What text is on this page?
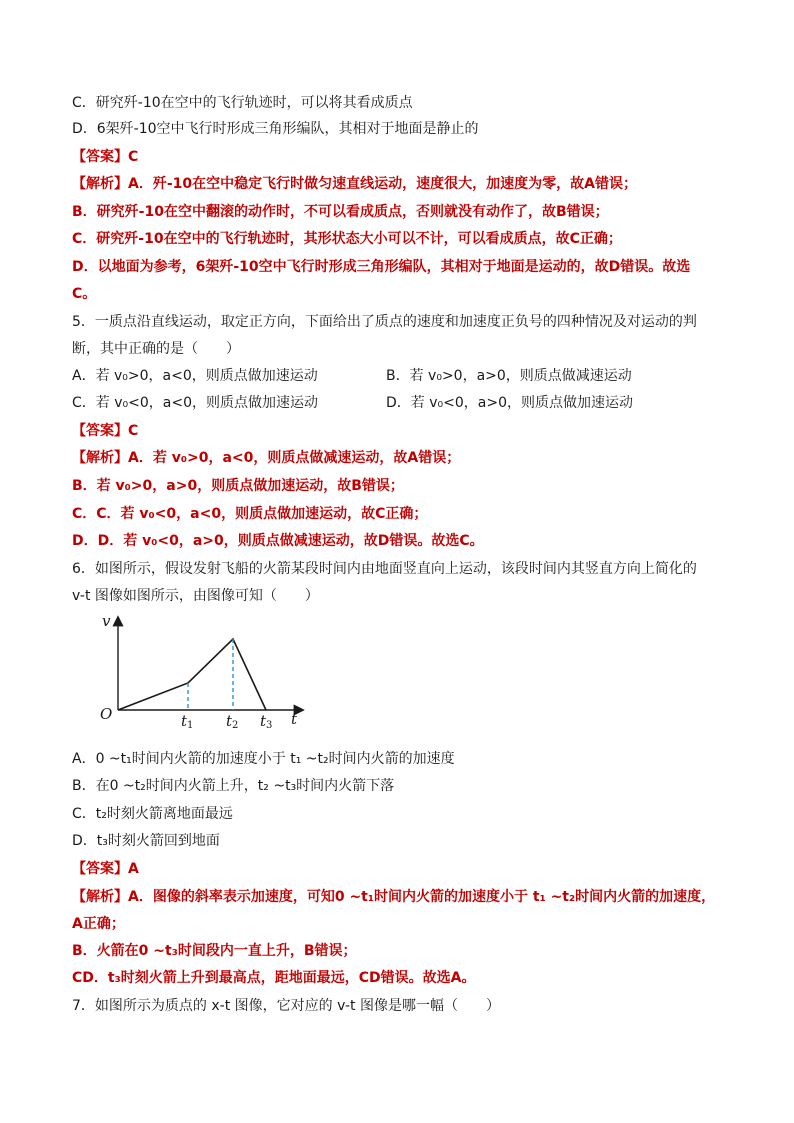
C．研究歼-10在空中的飞行轨迹时，可以将其看成质点
D．6架歼-10空中飞行时形成三角形编队，其相对于地面是静止的
【答案】C
【解析】A．歼-10在空中稳定飞行时做匀速直线运动，速度很大，加速度为零，故A错误；
B．研究歼-10在空中翻滚的动作时，不可以看成质点，否则就没有动作了，故B错误；
C．研究歼-10在空中的飞行轨迹时，其形状态大小可以不计，可以看成质点，故C正确；
D．以地面为参考，6架歼-10空中飞行时形成三角形编队，其相对于地面是运动的，故D错误。故选
C。
5．一质点沿直线运动，取定正方向，下面给出了质点的速度和加速度正负号的四种情况及对运动的判
断，其中正确的是（　　）
A．若 v₀>0，a<0，则质点做加速运动	B．若 v₀>0，a>0，则质点做减速运动
C．若 v₀<0，a<0，则质点做加速运动	D．若 v₀<0，a>0，则质点做加速运动
【答案】C
【解析】A．若 v₀>0，a<0，则质点做减速运动，故A错误；
B．若 v₀>0，a>0，则质点做加速运动，故B错误；
C．C．若 v₀<0，a<0，则质点做加速运动，故C正确；
D．D．若 v₀<0，a>0，则质点做减速运动，故D错误。故选C。
6．如图所示，假设发射飞船的火箭某段时间内由地面竖直向上运动，该段时间内其竖直方向上简化的
v-t 图像如图所示，由图像可知（　　）
v
O	t
t 1 t 2 t 3
A．0 ~t₁时间内火箭的加速度小于 t₁ ~t₂时间内火箭的加速度
B．在0 ~t₂时间内火箭上升，t₂ ~t₃时间内火箭下落
C．t₂时刻火箭离地面最远
D．t₃时刻火箭回到地面
【答案】A
【解析】A．图像的斜率表示加速度，可知0 ~t₁时间内火箭的加速度小于 t₁ ~t₂时间内火箭的加速度，
A正确；
B．火箭在0 ~t₃时间段内一直上升，B错误；
CD．t₃时刻火箭上升到最高点，距地面最远，CD错误。故选A。
7．如图所示为质点的 x-t 图像，它对应的 v-t 图像是哪一幅（　　）
